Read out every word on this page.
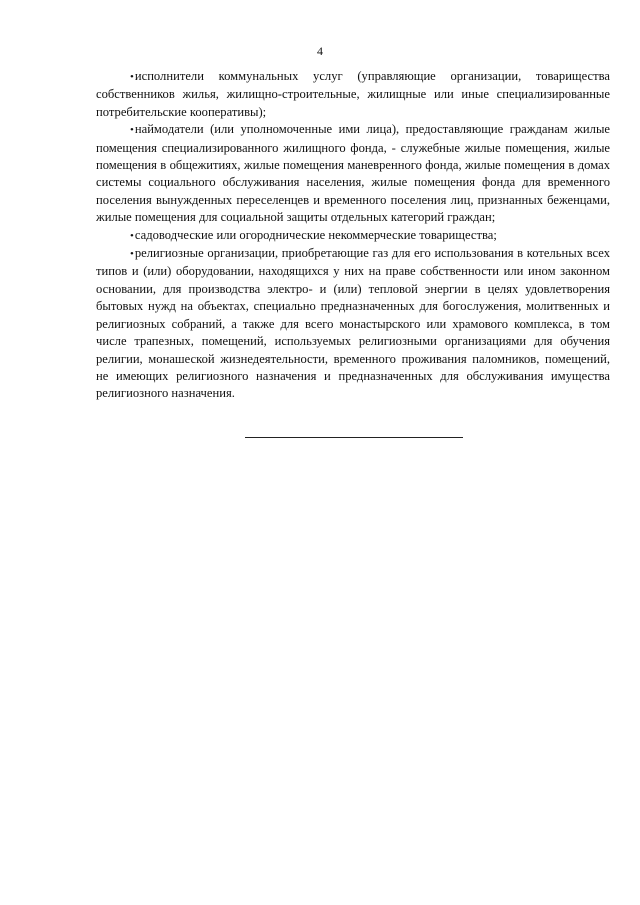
4

•исполнители коммунальных услуг (управляющие организации, товарищества собственников жилья, жилищно-строительные, жилищные или иные специализированные потребительские кооперативы);

•наймодатели (или уполномоченные ими лица), предоставляющие гражданам жилые помещения специализированного жилищного фонда, - служебные жилые помещения, жилые помещения в общежитиях, жилые помещения маневренного фонда, жилые помещения в домах системы социального обслуживания населения, жилые помещения фонда для временного поселения вынужденных переселенцев и временного поселения лиц, признанных беженцами, жилые помещения для социальной защиты отдельных категорий граждан;

•садоводческие или огороднические некоммерческие товарищества;

•религиозные организации, приобретающие газ для его использования в котельных всех типов и (или) оборудовании, находящихся у них на праве собственности или ином законном основании, для производства электро- и (или) тепловой энергии в целях удовлетворения бытовых нужд на объектах, специально предназначенных для богослужения, молитвенных и религиозных собраний, а также для всего монастырского или храмового комплекса, в том числе трапезных, помещений, используемых религиозными организациями для обучения религии, монашеской жизнедеятельности, временного проживания паломников, помещений, не имеющих религиозного назначения и предназначенных для обслуживания имущества религиозного назначения.
